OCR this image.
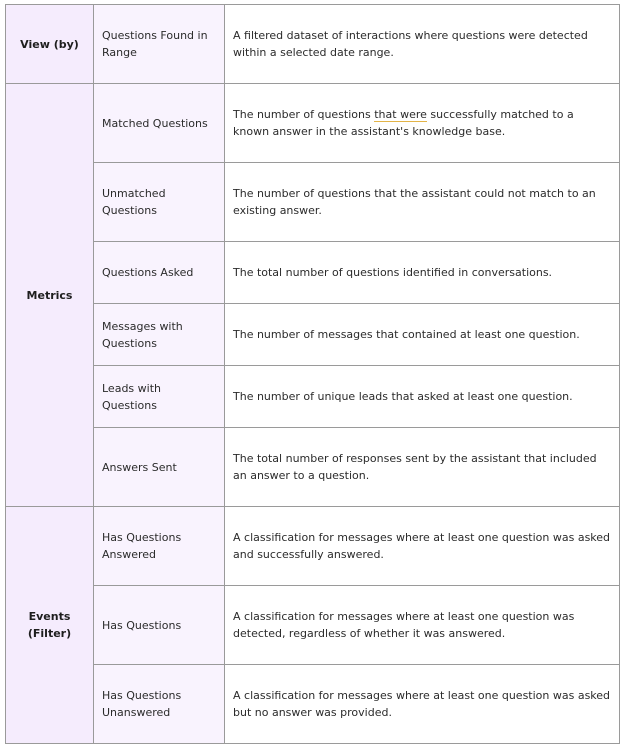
View (by)	Questions Found in Range	A filtered dataset of interactions where questions were detected within a selected date range.
Metrics	Matched Questions	The number of questions that were successfully matched to a known answer in the assistant's knowledge base.
	Unmatched Questions	The number of questions that the assistant could not match to an existing answer.
	Questions Asked	The total number of questions identified in conversations.
	Messages with Questions	The number of messages that contained at least one question.
	Leads with Questions	The number of unique leads that asked at least one question.
	Answers Sent	The total number of responses sent by the assistant that included an answer to a question.
Events (Filter)	Has Questions Answered	A classification for messages where at least one question was asked and successfully answered.
	Has Questions	A classification for messages where at least one question was detected, regardless of whether it was answered.
	Has Questions Unanswered	A classification for messages where at least one question was asked but no answer was provided.
